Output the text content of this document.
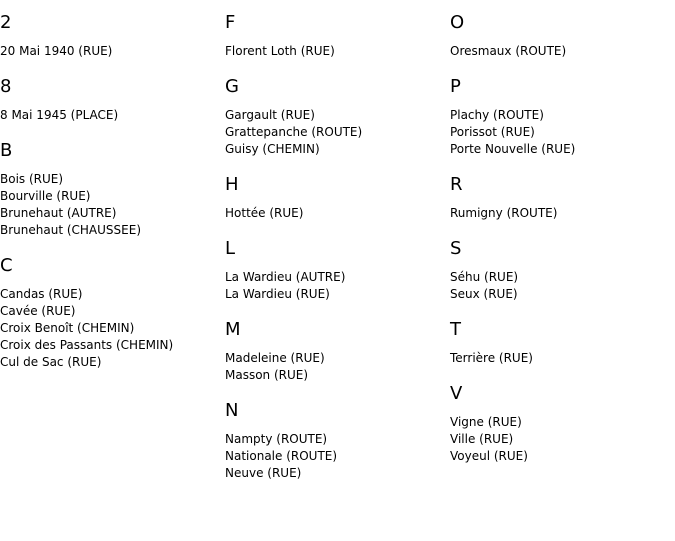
2
20 Mai 1940 (RUE)
8
8 Mai 1945 (PLACE)
B
Bois (RUE)
Bourville (RUE)
Brunehaut (AUTRE)
Brunehaut (CHAUSSEE)
C
Candas (RUE)
Cavée (RUE)
Croix Benoît (CHEMIN)
Croix des Passants (CHEMIN)
Cul de Sac (RUE)
F
Florent Loth (RUE)
G
Gargault (RUE)
Grattepanche (ROUTE)
Guisy (CHEMIN)
H
Hottée (RUE)
L
La Wardieu (AUTRE)
La Wardieu (RUE)
M
Madeleine (RUE)
Masson (RUE)
N
Nampty (ROUTE)
Nationale (ROUTE)
Neuve (RUE)
O
Oresmaux (ROUTE)
P
Plachy (ROUTE)
Porissot (RUE)
Porte Nouvelle (RUE)
R
Rumigny (ROUTE)
S
Séhu (RUE)
Seux (RUE)
T
Terrière (RUE)
V
Vigne (RUE)
Ville (RUE)
Voyeul (RUE)
